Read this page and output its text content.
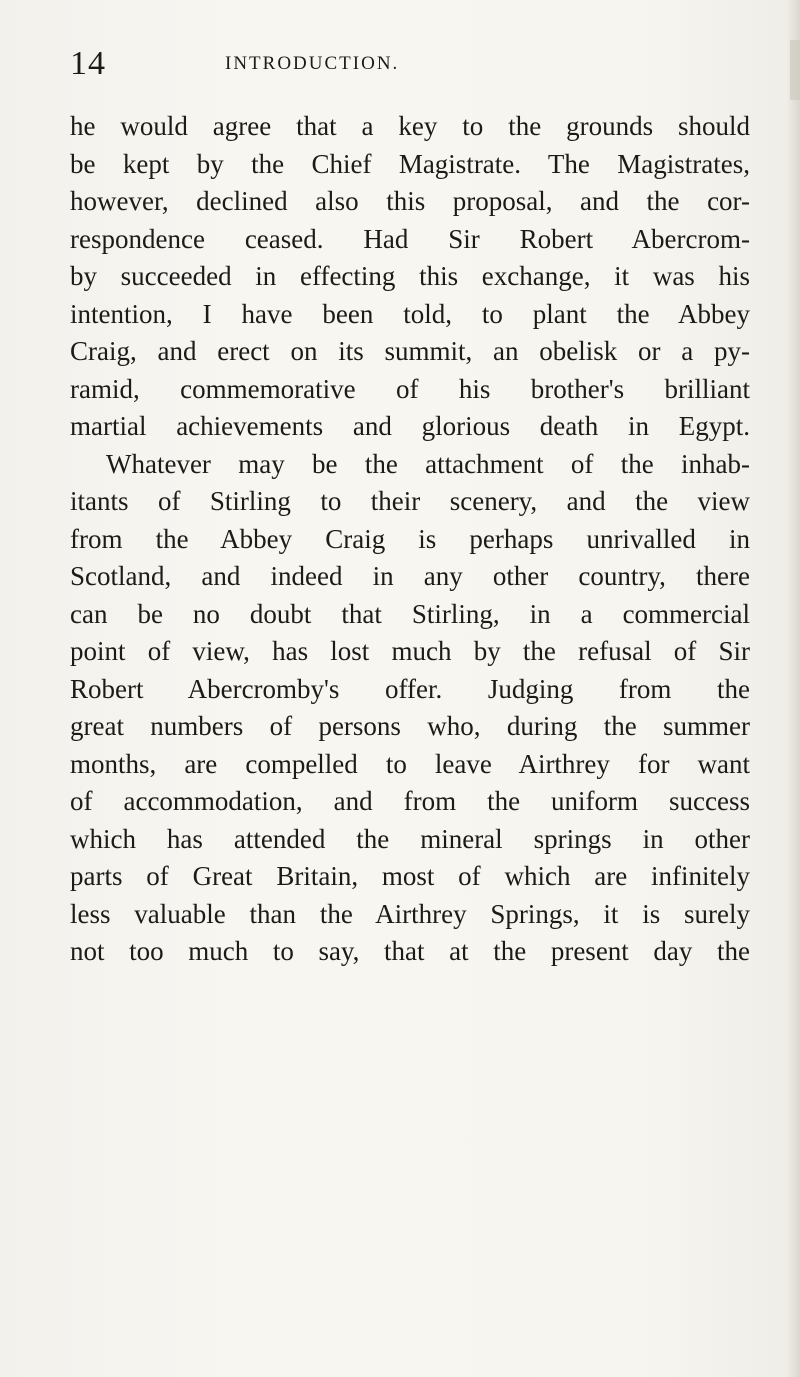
14	INTRODUCTION.
he would agree that a key to the grounds should
be kept by the Chief Magistrate. The Magistrates,
however, declined also this proposal, and the cor-
respondence ceased. Had Sir Robert Abercrom-
by succeeded in effecting this exchange, it was his
intention, I have been told, to plant the Abbey
Craig, and erect on its summit, an obelisk or a py-
ramid, commemorative of his brother's brilliant
martial achievements and glorious death in Egypt.
Whatever may be the attachment of the inhab-
itants of Stirling to their scenery, and the view
from the Abbey Craig is perhaps unrivalled in
Scotland, and indeed in any other country, there
can be no doubt that Stirling, in a commercial
point of view, has lost much by the refusal of Sir
Robert Abercromby's offer. Judging from the
great numbers of persons who, during the summer
months, are compelled to leave Airthrey for want
of accommodation, and from the uniform success
which has attended the mineral springs in other
parts of Great Britain, most of which are infinitely
less valuable than the Airthrey Springs, it is surely
not too much to say, that at the present day the
